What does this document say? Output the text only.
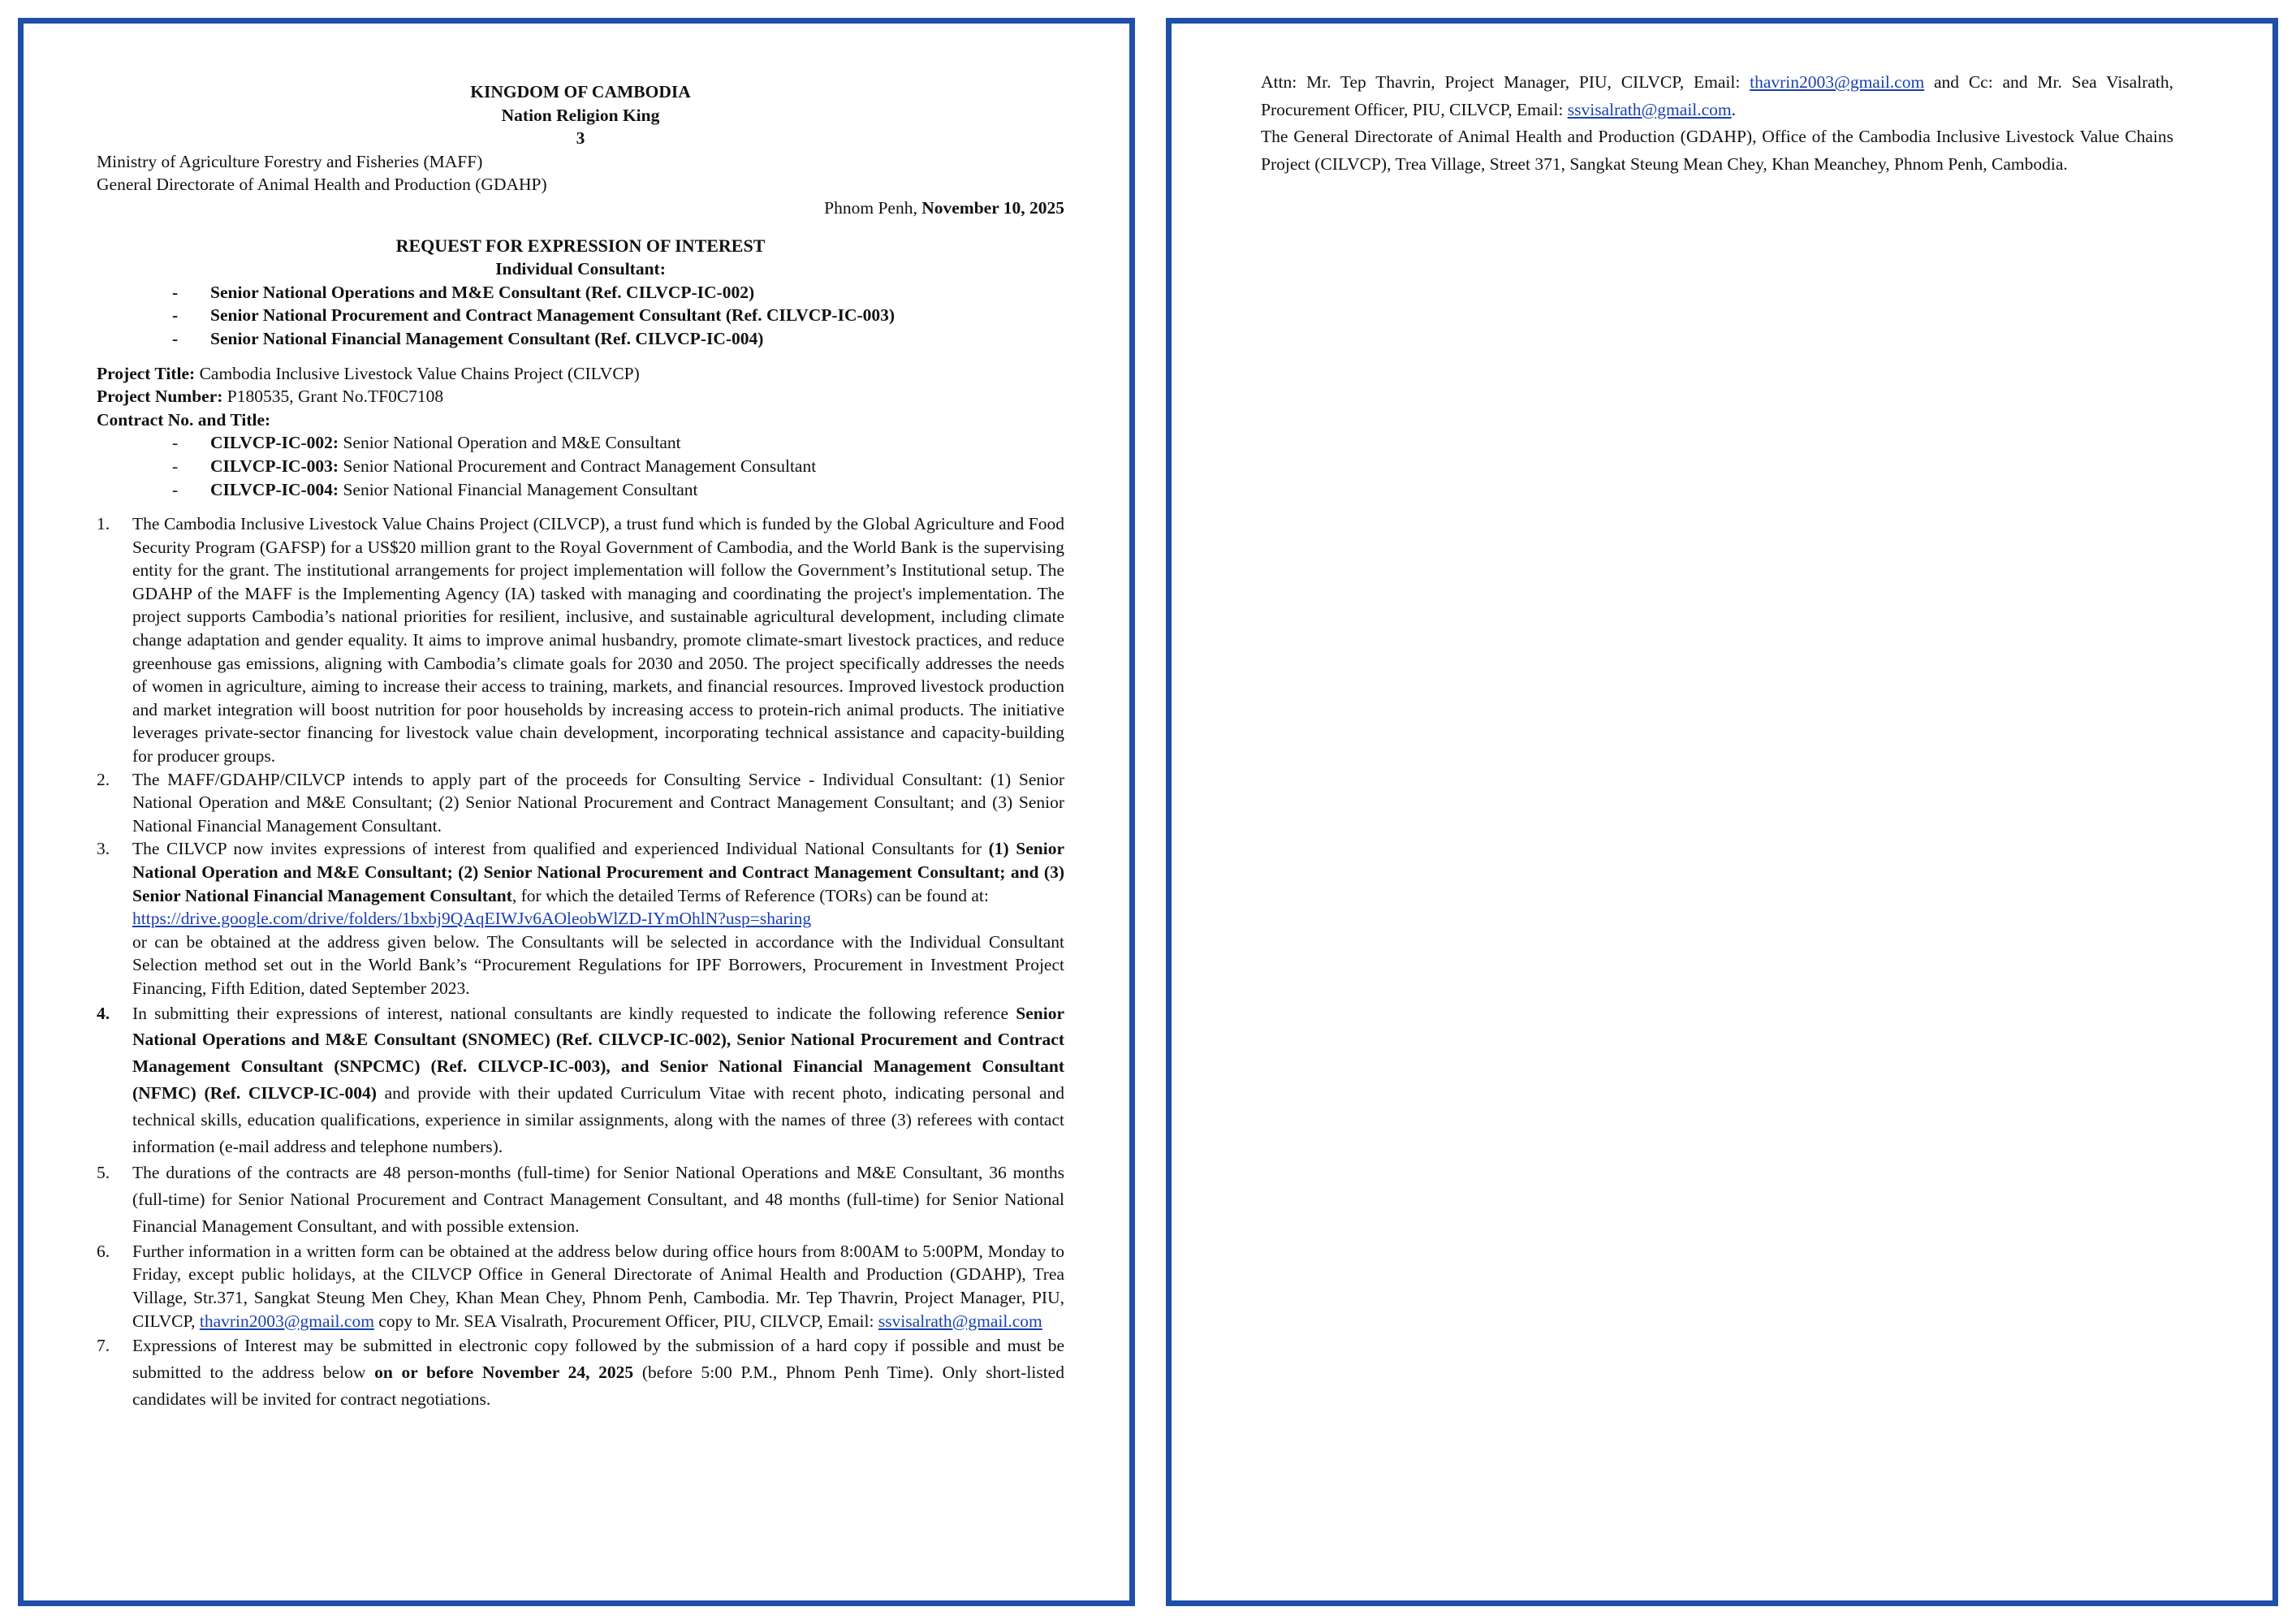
KINGDOM OF CAMBODIA
Nation Religion King
3
Ministry of Agriculture Forestry and Fisheries (MAFF)
General Directorate of Animal Health and Production (GDAHP)
Phnom Penh, November 10, 2025
REQUEST FOR EXPRESSION OF INTEREST
Individual Consultant:
- Senior National Operations and M&E Consultant (Ref. CILVCP-IC-002)
- Senior National Procurement and Contract Management Consultant (Ref. CILVCP-IC-003)
- Senior National Financial Management Consultant (Ref. CILVCP-IC-004)
Project Title: Cambodia Inclusive Livestock Value Chains Project (CILVCP)
Project Number: P180535, Grant No.TF0C7108
Contract No. and Title:
- CILVCP-IC-002: Senior National Operation and M&E Consultant
- CILVCP-IC-003: Senior National Procurement and Contract Management Consultant
- CILVCP-IC-004: Senior National Financial Management Consultant
1. The Cambodia Inclusive Livestock Value Chains Project (CILVCP), a trust fund which is funded by the Global Agriculture and Food Security Program (GAFSP) for a US$20 million grant to the Royal Government of Cambodia, and the World Bank is the supervising entity for the grant. The institutional arrangements for project implementation will follow the Government’s Institutional setup. The GDAHP of the MAFF is the Implementing Agency (IA) tasked with managing and coordinating the project's implementation. The project supports Cambodia’s national priorities for resilient, inclusive, and sustainable agricultural development, including climate change adaptation and gender equality. It aims to improve animal husbandry, promote climate-smart livestock practices, and reduce greenhouse gas emissions, aligning with Cambodia’s climate goals for 2030 and 2050. The project specifically addresses the needs of women in agriculture, aiming to increase their access to training, markets, and financial resources. Improved livestock production and market integration will boost nutrition for poor households by increasing access to protein-rich animal products. The initiative leverages private-sector financing for livestock value chain development, incorporating technical assistance and capacity-building for producer groups.
2. The MAFF/GDAHP/CILVCP intends to apply part of the proceeds for Consulting Service - Individual Consultant: (1) Senior National Operation and M&E Consultant; (2) Senior National Procurement and Contract Management Consultant; and (3) Senior National Financial Management Consultant.
3. The CILVCP now invites expressions of interest from qualified and experienced Individual National Consultants for (1) Senior National Operation and M&E Consultant; (2) Senior National Procurement and Contract Management Consultant; and (3) Senior National Financial Management Consultant, for which the detailed Terms of Reference (TORs) can be found at:
https://drive.google.com/drive/folders/1bxbj9QAqEIWJv6AOleobWlZD-IYmOhlN?usp=sharing
or can be obtained at the address given below. The Consultants will be selected in accordance with the Individual Consultant Selection method set out in the World Bank’s “Procurement Regulations for IPF Borrowers, Procurement in Investment Project Financing, Fifth Edition, dated September 2023.
4. In submitting their expressions of interest, national consultants are kindly requested to indicate the following reference Senior National Operations and M&E Consultant (SNOMEC) (Ref. CILVCP-IC-002), Senior National Procurement and Contract Management Consultant (SNPCMC) (Ref. CILVCP-IC-003), and Senior National Financial Management Consultant (NFMC) (Ref. CILVCP-IC-004) and provide with their updated Curriculum Vitae with recent photo, indicating personal and technical skills, education qualifications, experience in similar assignments, along with the names of three (3) referees with contact information (e-mail address and telephone numbers).
5. The durations of the contracts are 48 person-months (full-time) for Senior National Operations and M&E Consultant, 36 months (full-time) for Senior National Procurement and Contract Management Consultant, and 48 months (full-time) for Senior National Financial Management Consultant, and with possible extension.
6. Further information in a written form can be obtained at the address below during office hours from 8:00AM to 5:00PM, Monday to Friday, except public holidays, at the CILVCP Office in General Directorate of Animal Health and Production (GDAHP), Trea Village, Str.371, Sangkat Steung Men Chey, Khan Mean Chey, Phnom Penh, Cambodia. Mr. Tep Thavrin, Project Manager, PIU, CILVCP, thavrin2003@gmail.com copy to Mr. SEA Visalrath, Procurement Officer, PIU, CILVCP, Email: ssvisalrath@gmail.com
7. Expressions of Interest may be submitted in electronic copy followed by the submission of a hard copy if possible and must be submitted to the address below on or before November 24, 2025 (before 5:00 P.M., Phnom Penh Time). Only short-listed candidates will be invited for contract negotiations.
Attn: Mr. Tep Thavrin, Project Manager, PIU, CILVCP, Email: thavrin2003@gmail.com and Cc: and Mr. Sea Visalrath, Procurement Officer, PIU, CILVCP, Email: ssvisalrath@gmail.com.
The General Directorate of Animal Health and Production (GDAHP), Office of the Cambodia Inclusive Livestock Value Chains Project (CILVCP), Trea Village, Street 371, Sangkat Steung Mean Chey, Khan Meanchey, Phnom Penh, Cambodia.
